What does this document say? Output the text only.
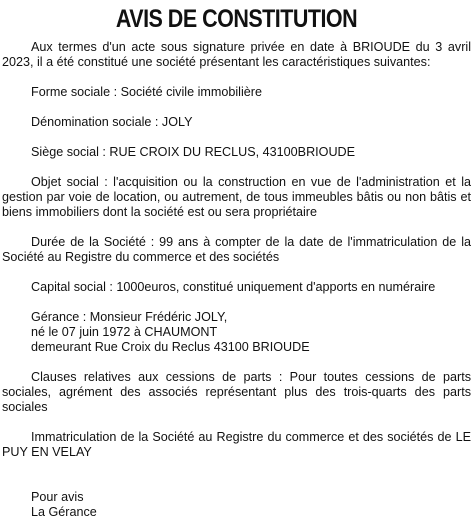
AVIS DE CONSTITUTION

Aux termes d'un acte sous signature privée en date à BRIOUDE du 3 avril 2023, il a été constitué une société présentant les caractéristiques suivantes:

Forme sociale : Société civile immobilière

Dénomination sociale : JOLY

Siège social : RUE CROIX DU RECLUS, 43100BRIOUDE

Objet social : l'acquisition ou la construction en vue de l'administration et la gestion par voie de location, ou autrement, de tous immeubles bâtis ou non bâtis et biens immobiliers dont la société est ou sera propriétaire

Durée de la Société : 99 ans à compter de la date de l'immatriculation de la Société au Registre du commerce et des sociétés

Capital social : 1000euros, constitué uniquement d'apports en numéraire

Gérance : Monsieur Frédéric JOLY,
né le 07 juin 1972 à CHAUMONT
demeurant Rue Croix du Reclus 43100 BRIOUDE

Clauses relatives aux cessions de parts : Pour toutes cessions de parts sociales, agrément des associés représentant plus des trois-quarts des parts sociales

Immatriculation de la Société au Registre du commerce et des sociétés de LE PUY EN VELAY

Pour avis
La Gérance
